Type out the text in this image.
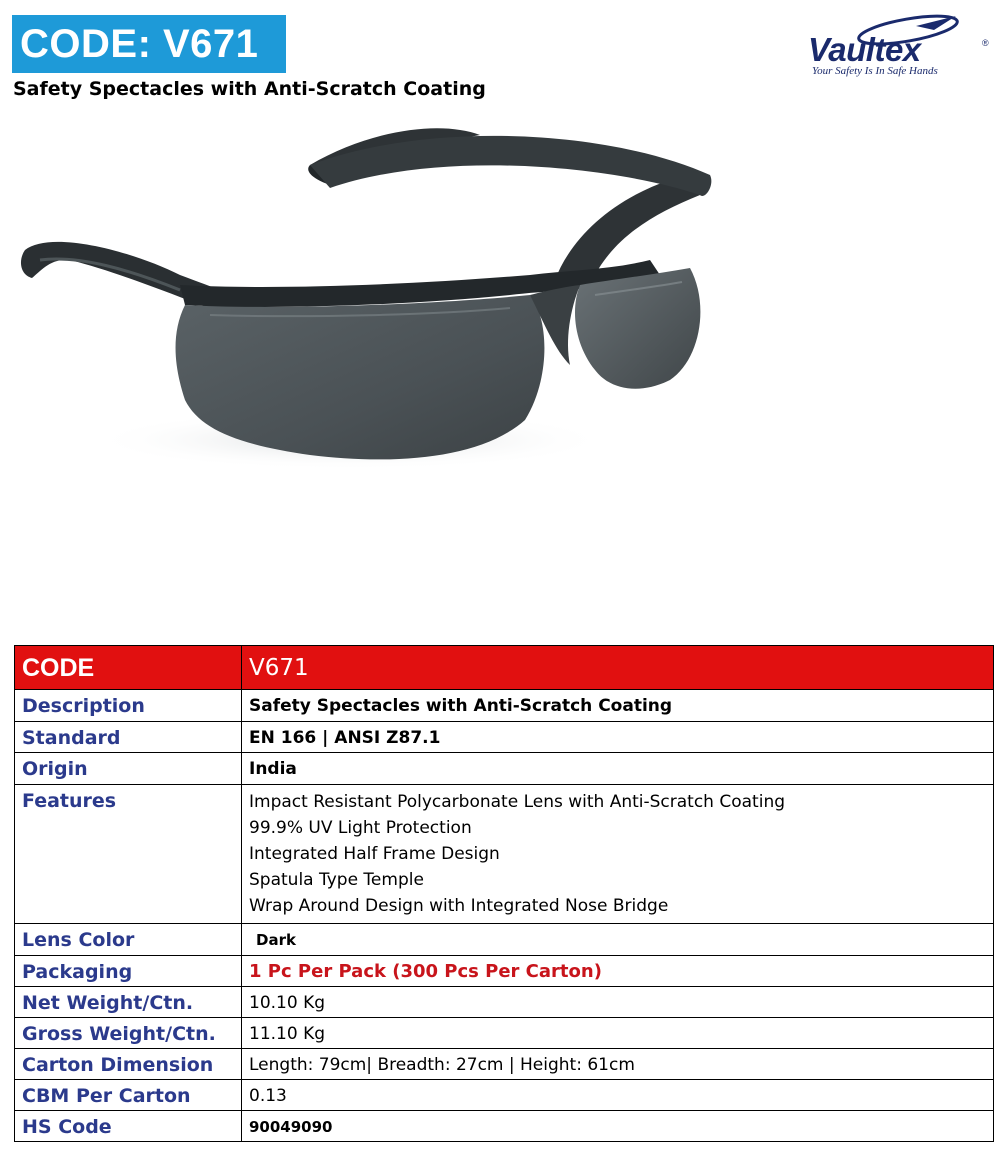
CODE: V671
Safety Spectacles with Anti-Scratch Coating
Vaultex	®
Your Safety Is In Safe Hands
CODE	V671
Description	Safety Spectacles with Anti-Scratch Coating
Standard	EN 166 | ANSI Z87.1
Origin	India
Features	Impact Resistant Polycarbonate Lens with Anti-Scratch Coating
99.9% UV Light Protection
Integrated Half Frame Design
Spatula Type Temple
Wrap Around Design with Integrated Nose Bridge

Lens Color	Dark
Packaging	1 Pc Per Pack (300 Pcs Per Carton)
Net Weight/Ctn.	10.10 Kg
Gross Weight/Ctn.	11.10 Kg
Carton Dimension	Length: 79cm| Breadth: 27cm | Height: 61cm
CBM Per Carton	0.13
HS Code	90049090
